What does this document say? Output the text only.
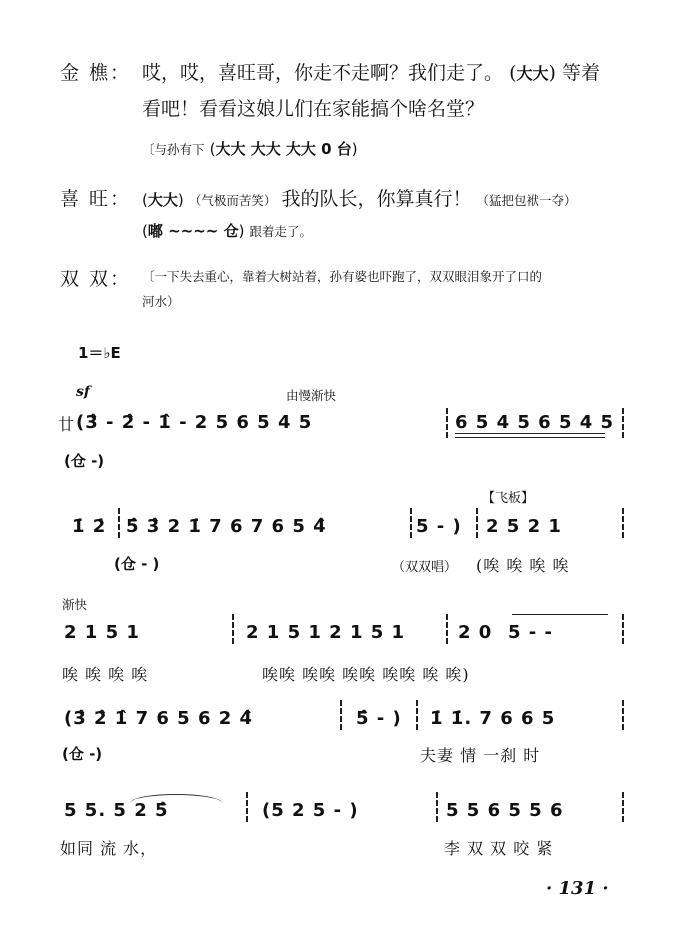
金 樵： 哎，哎，喜旺哥，你走不走啊？我们走了。 (大大) 等着
看吧！看看这娘儿们在家能搞个啥名堂？
〔与孙有下 (大大 大大 大大 0 台)
喜 旺： (大大) （气极而苦笑） 我的队长，你算真行！ （猛把包袱一夺）
(嘟 ~~~~ 仓) 跟着走了。
双 双： 〔一下失去重心，靠着大树站着，孙有婆也吓跑了，双双眼泪象开了口的
河水）
1＝♭E
sf	由慢渐快
廿 (3̂ - 2̂ - 1̂ - 2 5 6 5 4 5	6 5 4 5 6 5 4 5
(仓 -)
【飞板】
1̇ 2̇ 5̂ 3̂ 2 1̇ 7 6 7 6 5 4̂	5 - ) 2 5 2 1
(仓 - )	（双双唱） (唉 唉 唉 唉
渐快
2 1 5 1	2 1 5 1 2 1 5 1	2 0 5 - -
唉 唉 唉 唉	唉唉 唉唉 唉唉 唉唉 唉 唉)
(3̂ 2̂ 1̂ 7 6 5 6 2 4̂	5̂ - ) 1̇ 1̇. 7 6 6 5
(仓 -)	夫妻 情 一刹 时
5 5. 5 2 5̂	(5 2 5 - )	5 5 6 5 5 6
如同 流 水，	李 双 双 咬 紧
· 131 ·
